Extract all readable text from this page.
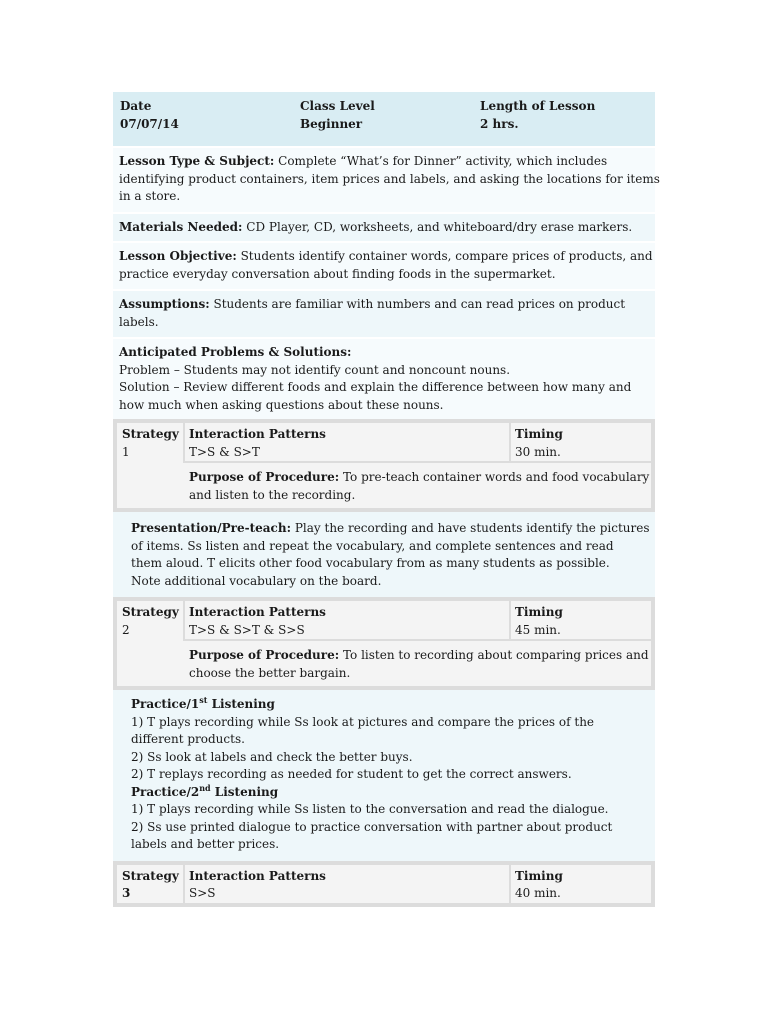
Date
07/07/14
Class Level
Beginner
Length of Lesson
2 hrs.
Lesson Type & Subject: Complete “What’s for Dinner” activity, which includes
identifying product containers, item prices and labels, and asking the locations for items
in a store.
Materials Needed: CD Player, CD, worksheets, and whiteboard/dry erase markers.
Lesson Objective: Students identify container words, compare prices of products, and
practice everyday conversation about finding foods in the supermarket.
Assumptions: Students are familiar with numbers and can read prices on product
labels.
Anticipated Problems & Solutions:
Problem – Students may not identify count and noncount nouns.
Solution – Review different foods and explain the difference between how many and
how much when asking questions about these nouns.
Strategy
1
Interaction Patterns
T>S & S>T
Timing
30 min.
Purpose of Procedure: To pre-teach container words and food vocabulary
and listen to the recording.
Presentation/Pre-teach: Play the recording and have students identify the pictures
of items. Ss listen and repeat the vocabulary, and complete sentences and read
them aloud. T elicits other food vocabulary from as many students as possible.
Note additional vocabulary on the board.
Strategy
2
Interaction Patterns
T>S & S>T & S>S
Timing
45 min.
Purpose of Procedure: To listen to recording about comparing prices and
choose the better bargain.
Practice/1st Listening
1) T plays recording while Ss look at pictures and compare the prices of the
different products.
2) Ss look at labels and check the better buys.
2) T replays recording as needed for student to get the correct answers.
Practice/2nd Listening
1) T plays recording while Ss listen to the conversation and read the dialogue.
2) Ss use printed dialogue to practice conversation with partner about product
labels and better prices.
Strategy
3
Interaction Patterns
S>S
Timing
40 min.
